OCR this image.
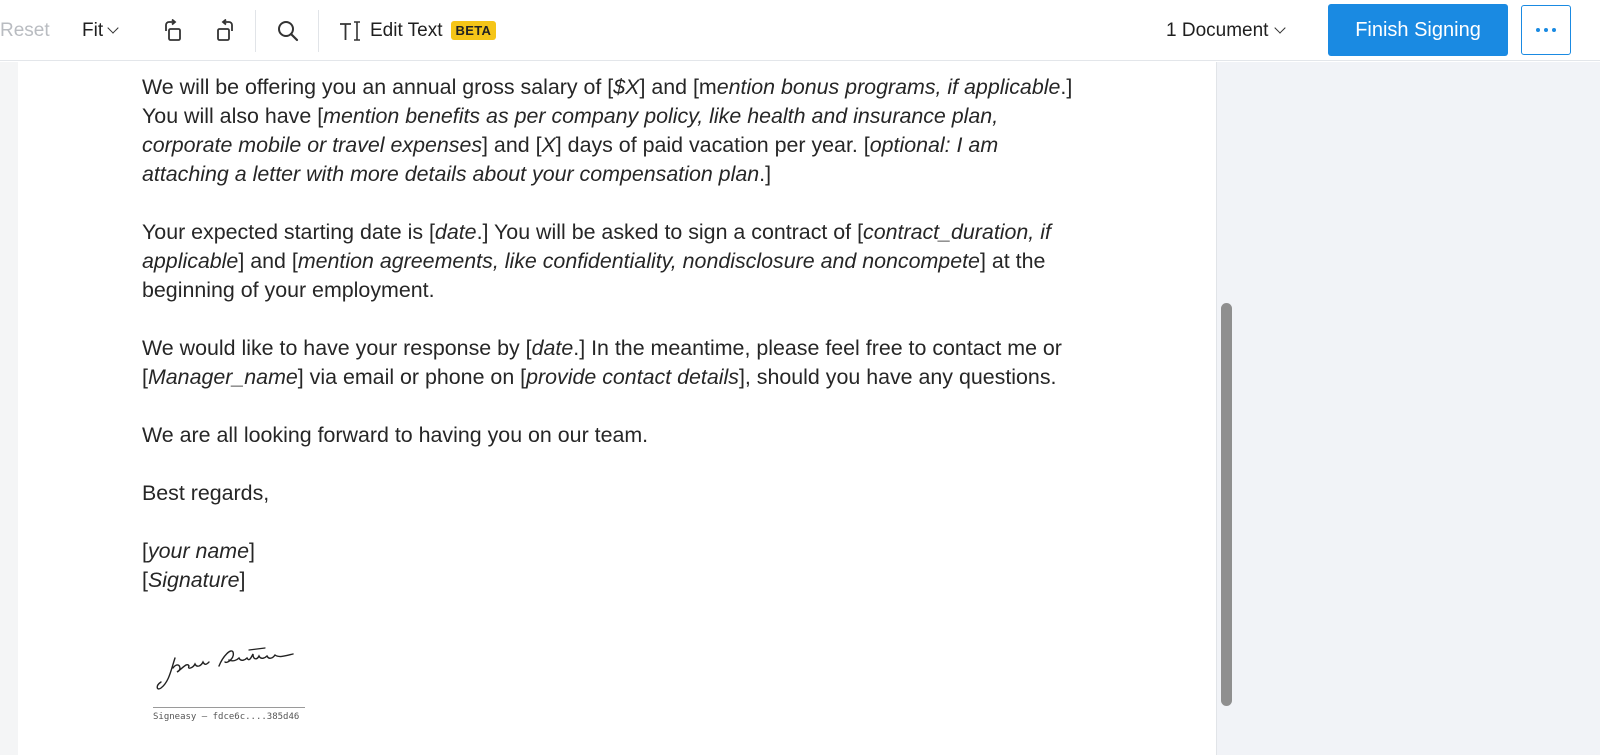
Reset Fit	Edit Text	BETA	1 Document	Finish Signing

We will be offering you an annual gross salary of [$X] and [mention bonus programs, if applicable.] You will also have [mention benefits as per company policy, like health and insurance plan, corporate mobile or travel expenses] and [X] days of paid vacation per year. [optional: I am attaching a letter with more details about your compensation plan.]

Your expected starting date is [date.] You will be asked to sign a contract of [contract_duration, if applicable] and [mention agreements, like confidentiality, nondisclosure and noncompete] at the beginning of your employment.

We would like to have your response by [date.] In the meantime, please feel free to contact me or [Manager_name] via email or phone on [provide contact details], should you have any questions.

We are all looking forward to having you on our team.

Best regards,

[your name]

[Signature]

Signeasy — fdce6c....385d46
